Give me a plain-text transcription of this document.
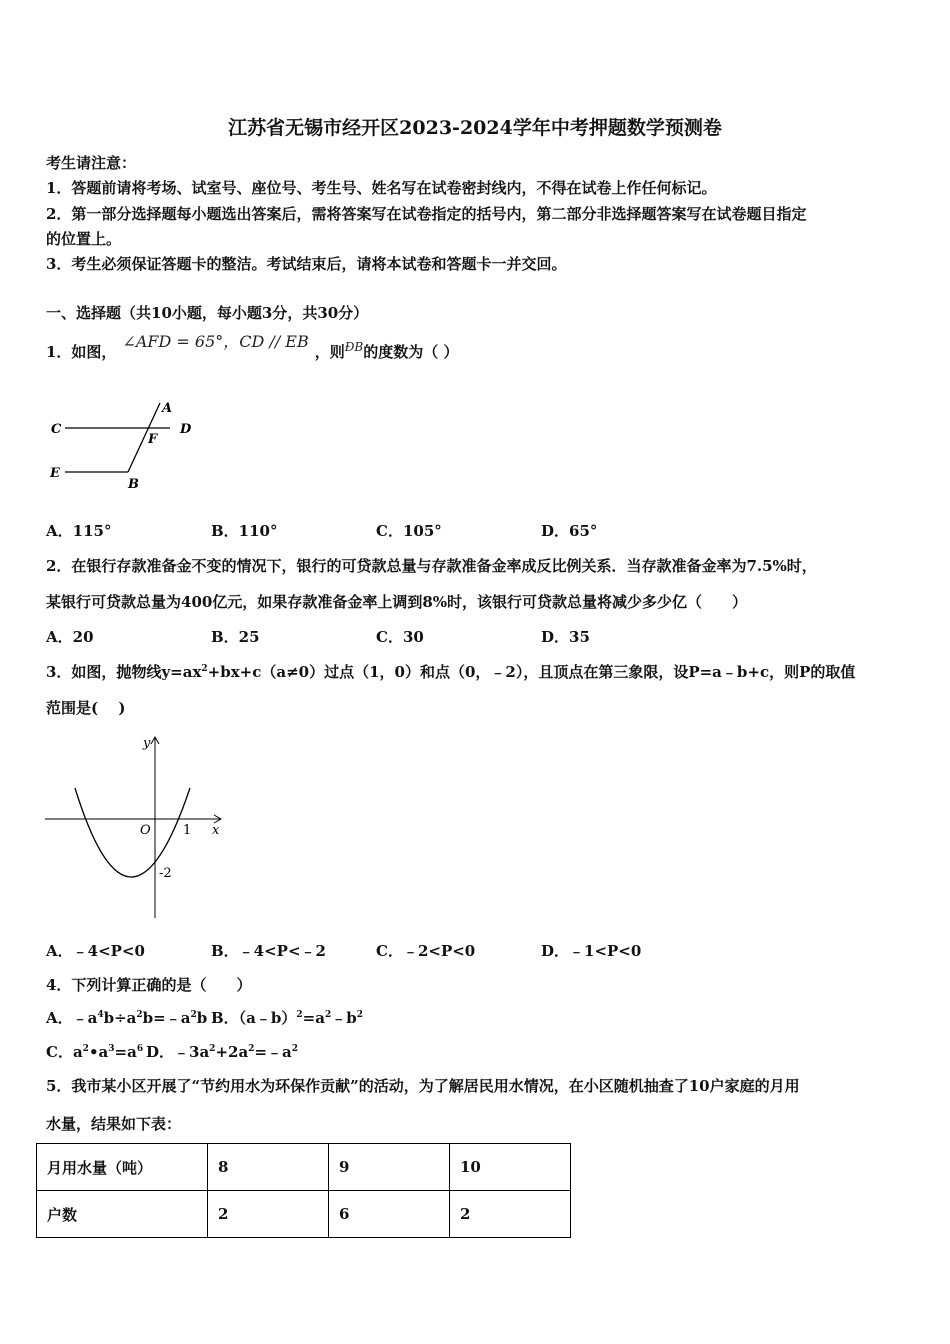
江苏省无锡市经开区2023-2024学年中考押题数学预测卷
考生请注意：
1．答题前请将考场、试室号、座位号、考生号、姓名写在试卷密封线内，不得在试卷上作任何标记。
2．第一部分选择题每小题选出答案后，需将答案写在试卷指定的括号内，第二部分非选择题答案写在试卷题目指定
的位置上。
3．考生必须保证答题卡的整洁。考试结束后，请将本试卷和答题卡一并交回。
一、选择题（共10小题，每小题3分，共30分）
1．如图，∠AFD = 65°，CD // EB，则$^{ÐB}$的度数为（ ）
A
C
F
D
E
B
A．115°	B．110°	C．105°	D．65°
2．在银行存款准备金不变的情况下，银行的可贷款总量与存款准备金率成反比例关系．当存款准备金率为7.5%时，
某银行可贷款总量为400亿元，如果存款准备金率上调到8%时，该银行可贷款总量将减少多少亿（　　）
A．20	B．25	C．30	D．35
3．如图，抛物线$y=ax^2+bx+c(a\ne 0)$过点（1，0）和点（0，﹣2），且顶点在第三象限，设P=a﹣b+c，则P的取值
范围是(　 )
y
O 1 x
-2
A．﹣4<P<0	B．﹣4<P<﹣2	C．﹣2<P<0	D．﹣1<P<0
4．下列计算正确的是（　　）
A．$﹣a^4b\div a^2b=﹣a^2b$ B．$(a﹣b)^2=a^2﹣b^2$
C．$a^2•a^3=a^6$ D．$﹣3a^2+2a^2=﹣a^2$
5．我市某小区开展了“节约用水为环保作贡献”的活动，为了解居民用水情况，在小区随机抽查了10户家庭的月用
水量，结果如下表：
月用水量（吨）	8	9	10
户数	2	6	2
